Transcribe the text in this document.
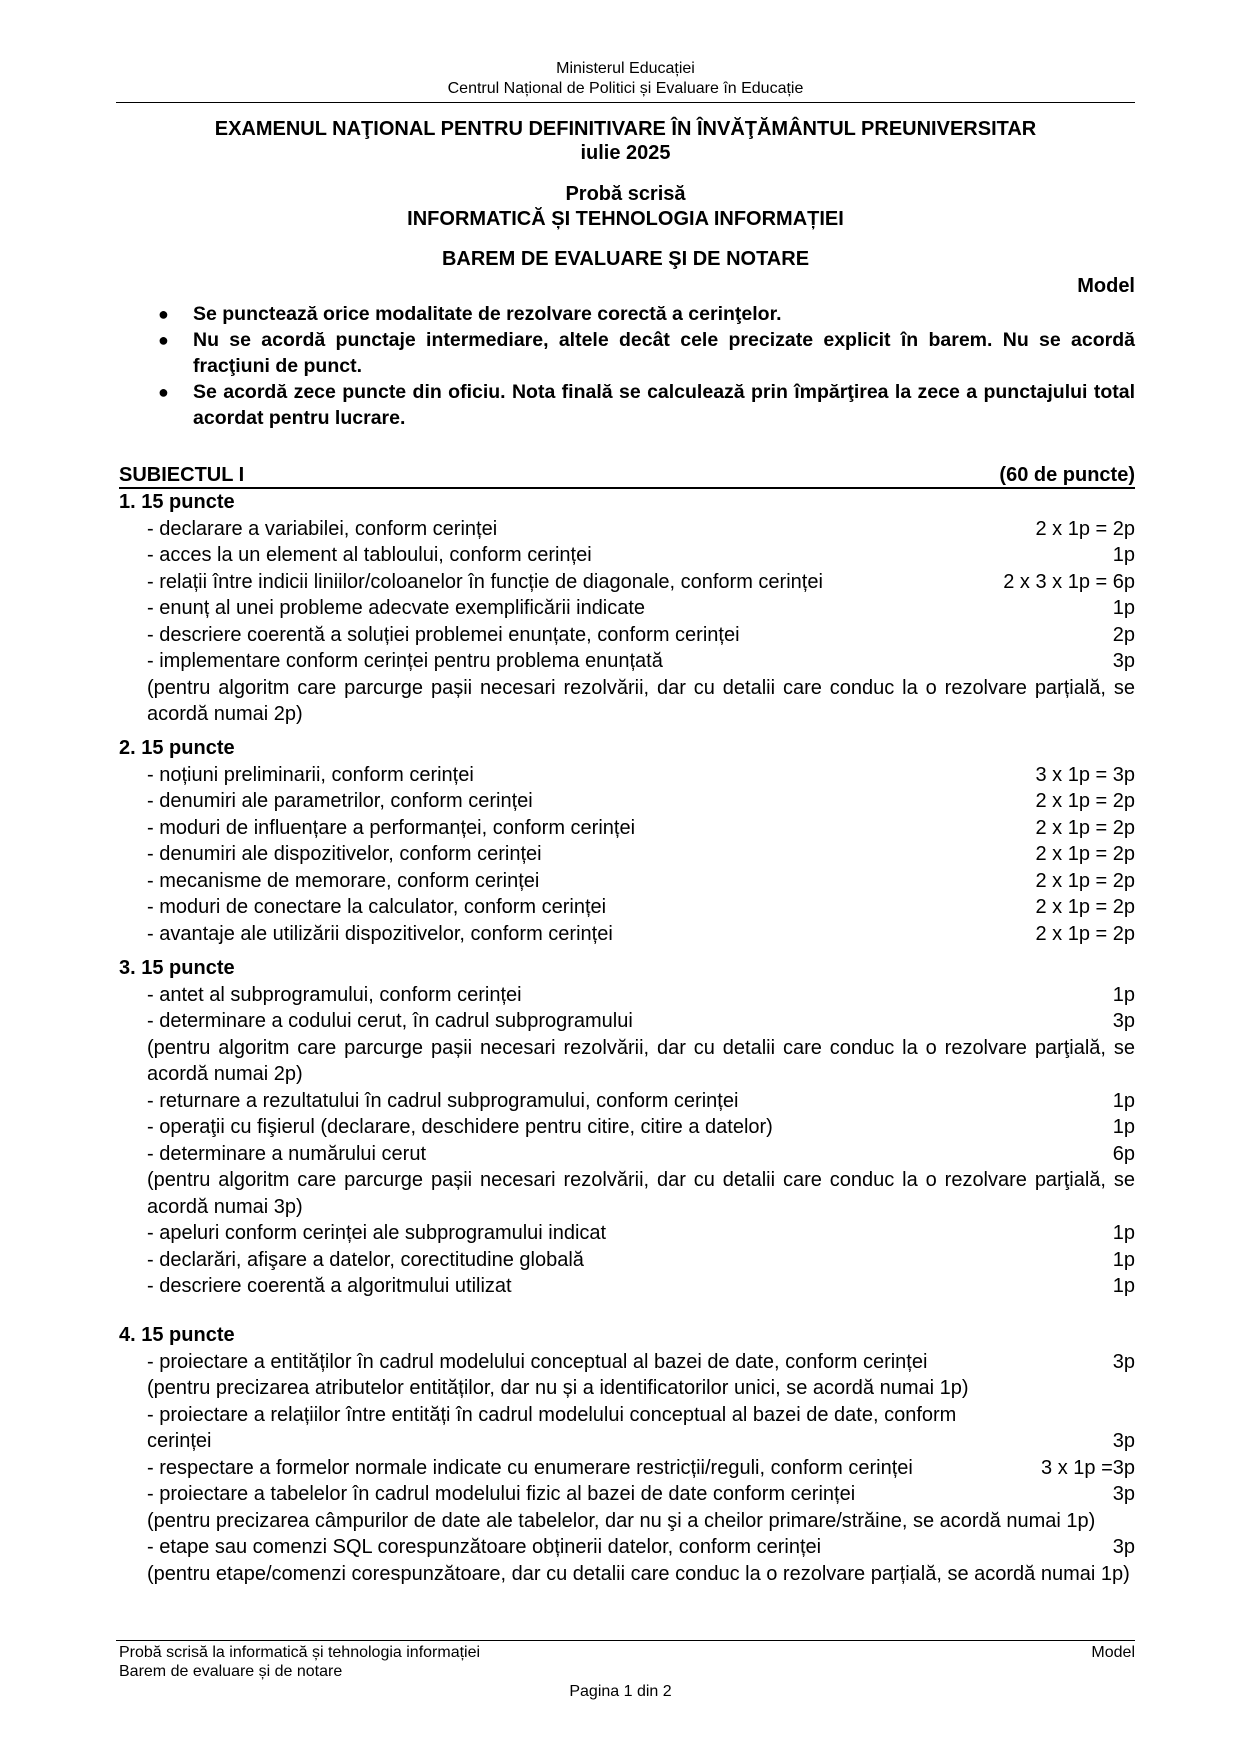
Ministerul Educației
Centrul Național de Politici și Evaluare în Educație
EXAMENUL NAŢIONAL PENTRU DEFINITIVARE ÎN ÎNVĂŢĂMÂNTUL PREUNIVERSITAR
iulie 2025
Probă scrisă
INFORMATICĂ ȘI TEHNOLOGIA INFORMAȚIEI
BAREM DE EVALUARE ŞI DE NOTARE
Model
● Se punctează orice modalitate de rezolvare corectă a cerinţelor.
● Nu se acordă punctaje intermediare, altele decât cele precizate explicit în barem. Nu se acordă fracţiuni de punct.
● Se acordă zece puncte din oficiu. Nota finală se calculează prin împărţirea la zece a punctajului total acordat pentru lucrare.
SUBIECTUL I	(60 de puncte)
1. 15 puncte
- declarare a variabilei, conform cerinței	2 x 1p = 2p
- acces la un element al tabloului, conform cerinței	1p
- relații între indicii liniilor/coloanelor în funcție de diagonale, conform cerinței	2 x 3 x 1p = 6p
- enunț al unei probleme adecvate exemplificării indicate	1p
- descriere coerentă a soluției problemei enunțate, conform cerinței	2p
- implementare conform cerinței pentru problema enunțată	3p
(pentru algoritm care parcurge pașii necesari rezolvării, dar cu detalii care conduc la o rezolvare parțială, se acordă numai 2p)
2. 15 puncte
- noțiuni preliminarii, conform cerinței	3 x 1p = 3p
- denumiri ale parametrilor, conform cerinței	2 x 1p = 2p
- moduri de influențare a performanței, conform cerinței	2 x 1p = 2p
- denumiri ale dispozitivelor, conform cerinței	2 x 1p = 2p
- mecanisme de memorare, conform cerinței	2 x 1p = 2p
- moduri de conectare la calculator, conform cerinței	2 x 1p = 2p
- avantaje ale utilizării dispozitivelor, conform cerinței	2 x 1p = 2p
3. 15 puncte
- antet al subprogramului, conform cerinței	1p
- determinare a codului cerut, în cadrul subprogramului	3p
(pentru algoritm care parcurge pașii necesari rezolvării, dar cu detalii care conduc la o rezolvare parţială, se acordă numai 2p)
- returnare a rezultatului în cadrul subprogramului, conform cerinței	1p
- operaţii cu fişierul (declarare, deschidere pentru citire, citire a datelor)	1p
- determinare a numărului cerut	6p
(pentru algoritm care parcurge pașii necesari rezolvării, dar cu detalii care conduc la o rezolvare parţială, se acordă numai 3p)
- apeluri conform cerinței ale subprogramului indicat	1p
- declarări, afişare a datelor, corectitudine globală	1p
- descriere coerentă a algoritmului utilizat	1p
4. 15 puncte
- proiectare a entităților în cadrul modelului conceptual al bazei de date, conform cerinței	3p
(pentru precizarea atributelor entităților, dar nu și a identificatorilor unici, se acordă numai 1p)
- proiectare a relațiilor între entități în cadrul modelului conceptual al bazei de date, conform
cerinței	3p
- respectare a formelor normale indicate cu enumerare restricții/reguli, conform cerinței	3 x 1p =3p
- proiectare a tabelelor în cadrul modelului fizic al bazei de date conform cerinței	3p
(pentru precizarea câmpurilor de date ale tabelelor, dar nu şi a cheilor primare/străine, se acordă numai 1p)
- etape sau comenzi SQL corespunzătoare obținerii datelor, conform cerinței	3p
(pentru etape/comenzi corespunzătoare, dar cu detalii care conduc la o rezolvare parțială, se acordă numai 1p)
Probă scrisă la informatică și tehnologia informației	Model
Barem de evaluare și de notare
Pagina 1 din 2
